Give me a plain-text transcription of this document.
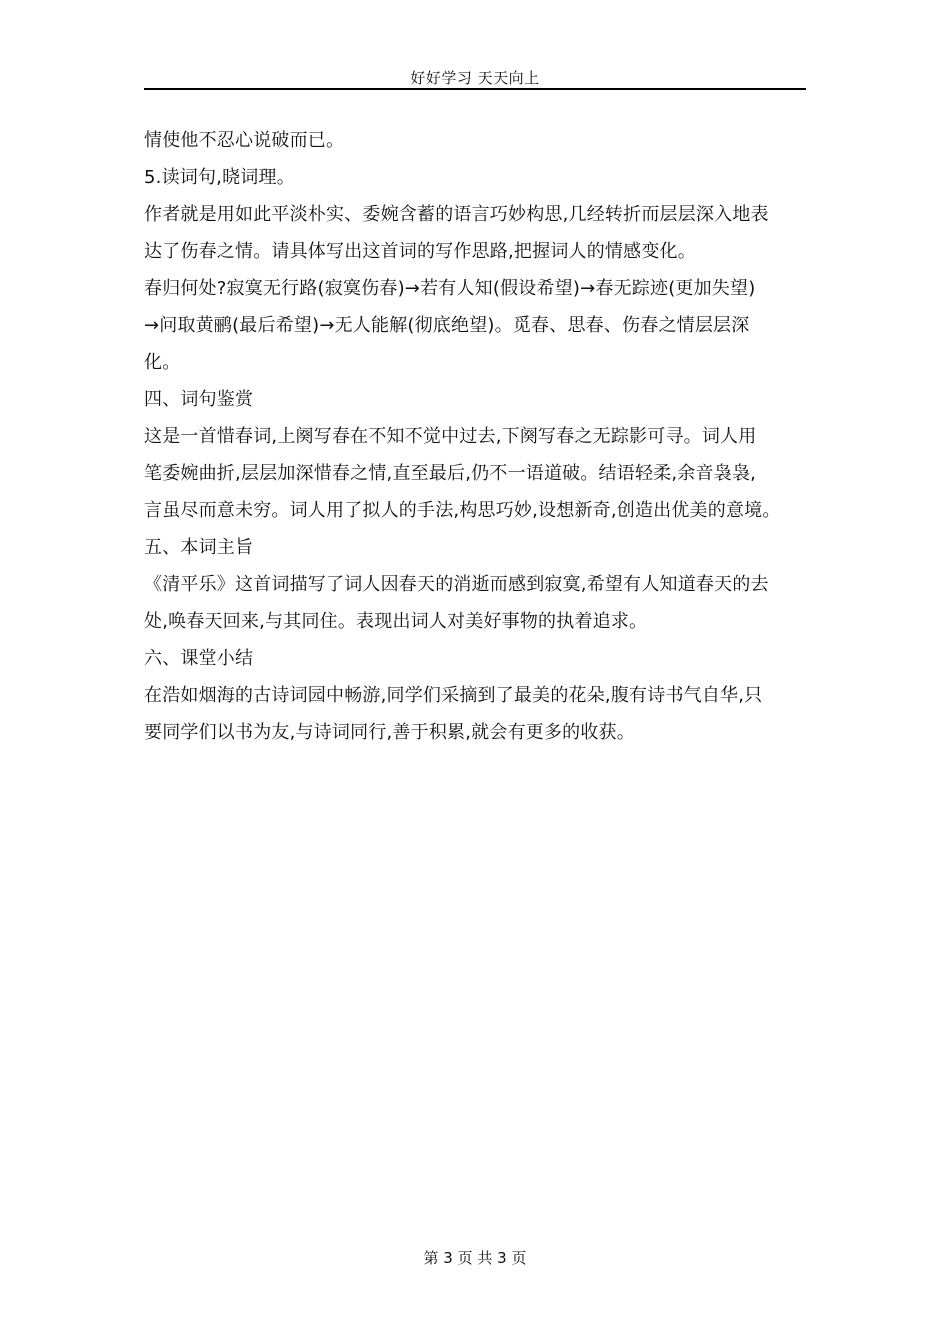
好好学习 天天向上
情使他不忍心说破而已。
5.读词句,晓词理。
作者就是用如此平淡朴实、委婉含蓄的语言巧妙构思,几经转折而层层深入地表
达了伤春之情。请具体写出这首词的写作思路,把握词人的情感变化。
春归何处?寂寞无行路(寂寞伤春)→若有人知(假设希望)→春无踪迹(更加失望)
→问取黄鹂(最后希望)→无人能解(彻底绝望)。觅春、思春、伤春之情层层深
化。
四、词句鉴赏
这是一首惜春词,上阕写春在不知不觉中过去,下阕写春之无踪影可寻。词人用
笔委婉曲折,层层加深惜春之情,直至最后,仍不一语道破。结语轻柔,余音袅袅,
言虽尽而意未穷。词人用了拟人的手法,构思巧妙,设想新奇,创造出优美的意境。
五、本词主旨
《清平乐》这首词描写了词人因春天的消逝而感到寂寞,希望有人知道春天的去
处,唤春天回来,与其同住。表现出词人对美好事物的执着追求。
六、课堂小结
在浩如烟海的古诗词园中畅游,同学们采摘到了最美的花朵,腹有诗书气自华,只
要同学们以书为友,与诗词同行,善于积累,就会有更多的收获。
第 3 页 共 3 页
